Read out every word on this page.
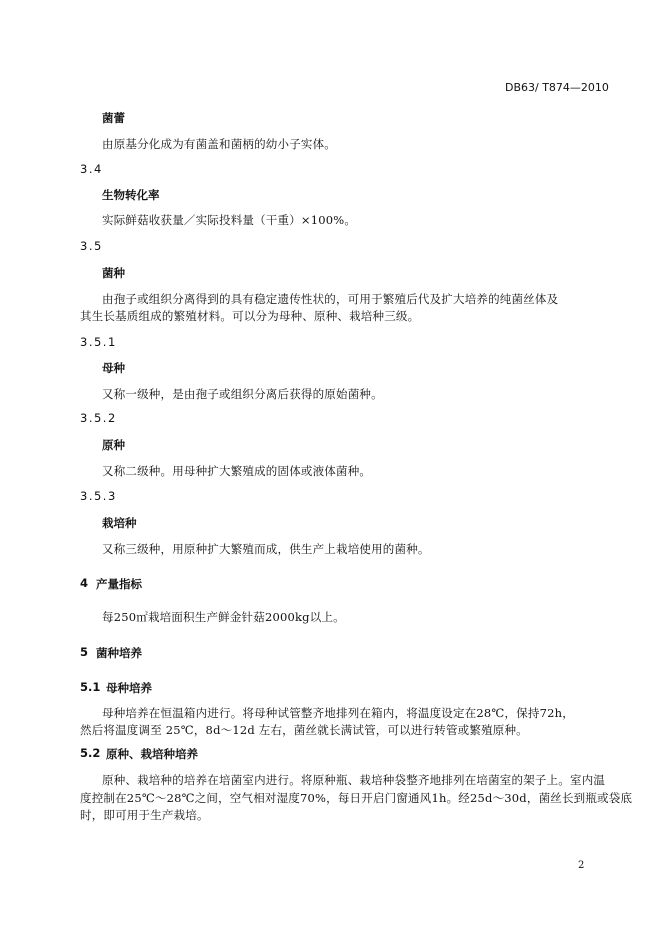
DB63/ T874—2010
菌蕾
由原基分化成为有菌盖和菌柄的幼小子实体。
3.4
生物转化率
实际鲜菇收获量／实际投料量（干重）×100%。
3.5
菌种
由孢子或组织分离得到的具有稳定遗传性状的，可用于繁殖后代及扩大培养的纯菌丝体及
其生长基质组成的繁殖材料。可以分为母种、原种、栽培种三级。
3.5.1
母种
又称一级种，是由孢子或组织分离后获得的原始菌种。
3.5.2
原种
又称二级种。用母种扩大繁殖成的固体或液体菌种。
3.5.3
栽培种
又称三级种，用原种扩大繁殖而成，供生产上栽培使用的菌种。
4 产量指标
每250㎡栽培面积生产鲜金针菇2000kg以上。
5 菌种培养
5.1 母种培养
母种培养在恒温箱内进行。将母种试管整齐地排列在箱内，将温度设定在28℃，保持72h，
然后将温度调至 25℃，8d～12d 左右，菌丝就长满试管，可以进行转管或繁殖原种。
5.2 原种、栽培种培养
原种、栽培种的培养在培菌室内进行。将原种瓶、栽培种袋整齐地排列在培菌室的架子上。室内温
度控制在25℃～28℃之间，空气相对湿度70%，每日开启门窗通风1h。经25d～30d，菌丝长到瓶或袋底
时，即可用于生产栽培。
2
